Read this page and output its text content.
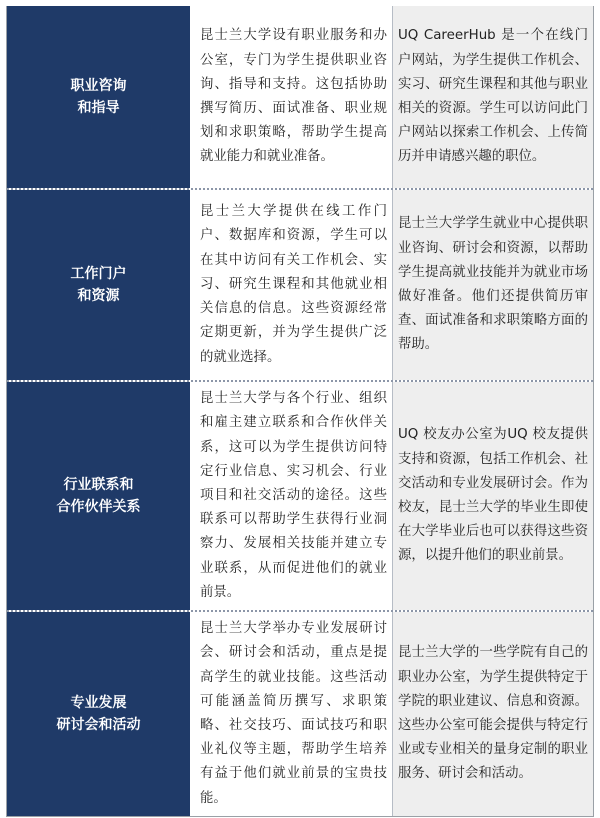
职业咨询
和指导
昆士兰大学设有职业服务和办公室，专门为学生提供职业咨询、指导和支持。这包括协助撰写简历、面试准备、职业规划和求职策略，帮助学生提高就业能力和就业准备。
UQ CareerHub 是一个在线门户网站，为学生提供工作机会、实习、研究生课程和其他与职业相关的资源。学生可以访问此门户网站以探索工作机会、上传简历并申请感兴趣的职位。
工作门户
和资源
昆士兰大学提供在线工作门户、数据库和资源，学生可以在其中访问有关工作机会、实习、研究生课程和其他就业相关信息的信息。这些资源经常定期更新，并为学生提供广泛的就业选择。
昆士兰大学学生就业中心提供职业咨询、研讨会和资源，以帮助学生提高就业技能并为就业市场做好准备。他们还提供简历审查、面试准备和求职策略方面的帮助。
行业联系和
合作伙伴关系
昆士兰大学与各个行业、组织和雇主建立联系和合作伙伴关系，这可以为学生提供访问特定行业信息、实习机会、行业项目和社交活动的途径。这些联系可以帮助学生获得行业洞察力、发展相关技能并建立专业联系，从而促进他们的就业前景。
UQ 校友办公室为UQ 校友提供支持和资源，包括工作机会、社交活动和专业发展研讨会。作为校友，昆士兰大学的毕业生即使在大学毕业后也可以获得这些资源，以提升他们的职业前景。
专业发展
研讨会和活动
昆士兰大学举办专业发展研讨会、研讨会和活动，重点是提高学生的就业技能。这些活动可能涵盖简历撰写、求职策略、社交技巧、面试技巧和职业礼仪等主题，帮助学生培养有益于他们就业前景的宝贵技能。
昆士兰大学的一些学院有自己的职业办公室，为学生提供特定于学院的职业建议、信息和资源。这些办公室可能会提供与特定行业或专业相关的量身定制的职业服务、研讨会和活动。
